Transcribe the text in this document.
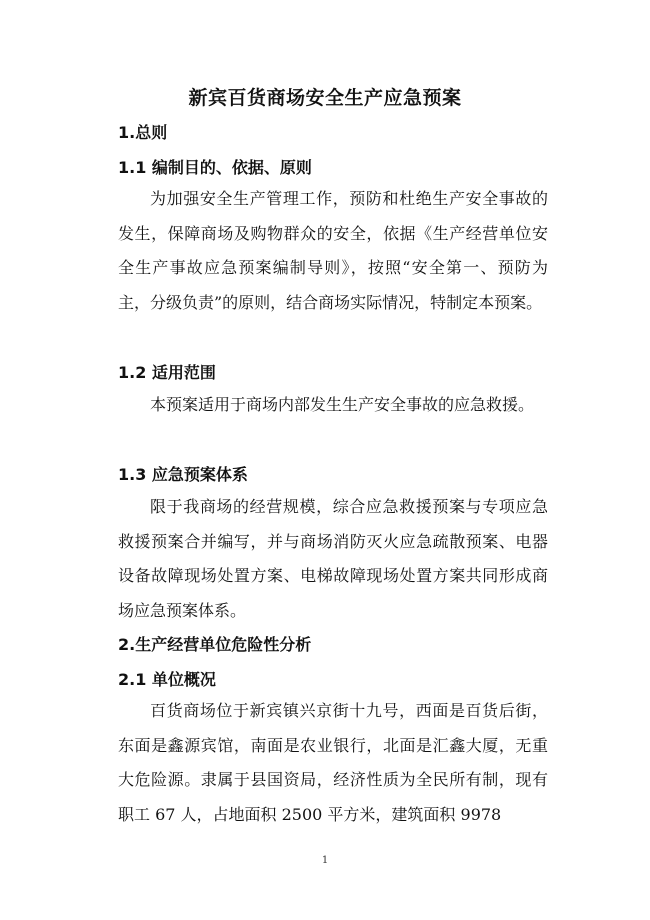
新宾百货商场安全生产应急预案
1.总则
1.1 编制目的、依据、原则

为加强安全生产管理工作，预防和杜绝生产安全事故的发生，保障商场及购物群众的安全，依据《生产经营单位安全生产事故应急预案编制导则》，按照“安全第一、预防为主，分级负责”的原则，结合商场实际情况，特制定本预案。

1.2 适用范围

本预案适用于商场内部发生生产安全事故的应急救援。

1.3 应急预案体系

限于我商场的经营规模，综合应急救援预案与专项应急救援预案合并编写，并与商场消防灭火应急疏散预案、电器设备故障现场处置方案、电梯故障现场处置方案共同形成商场应急预案体系。

2.生产经营单位危险性分析
2.1 单位概况

百货商场位于新宾镇兴京街十九号，西面是百货后街，东面是鑫源宾馆，南面是农业银行，北面是汇鑫大厦，无重大危险源。隶属于县国资局，经济性质为全民所有制，现有职工 67 人，占地面积 2500 平方米，建筑面积 9978

1
